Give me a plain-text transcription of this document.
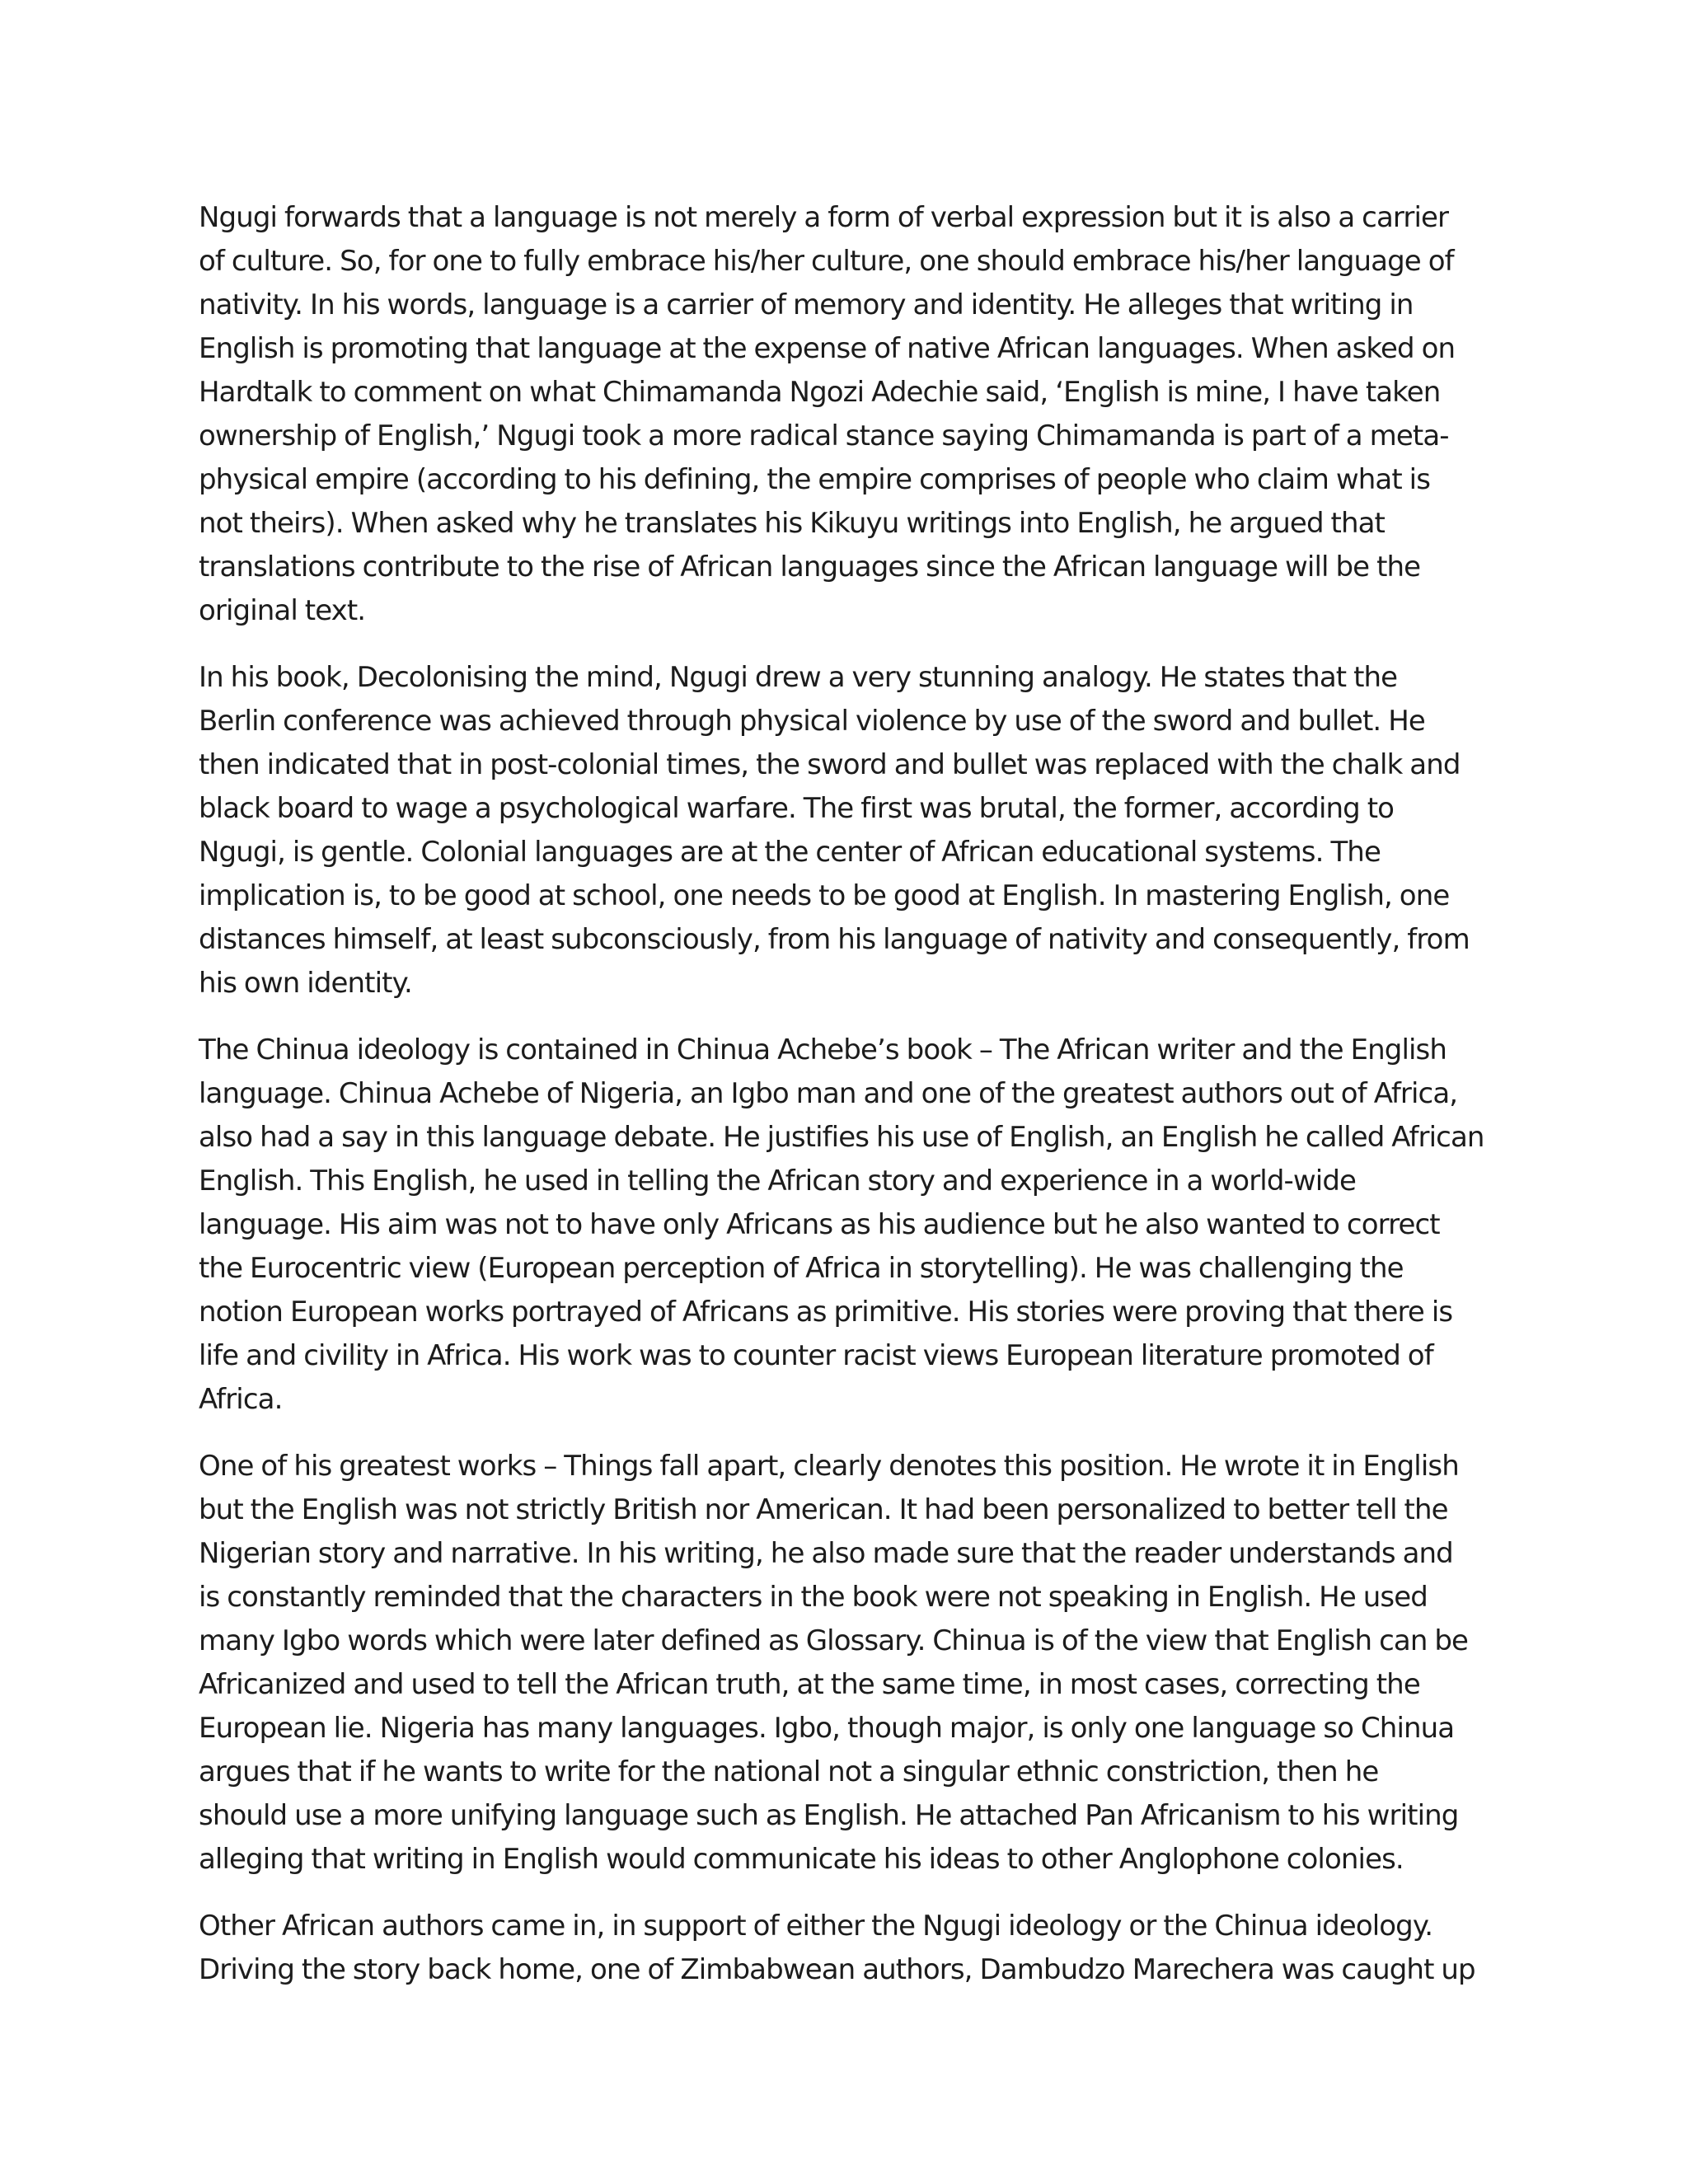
Ngugi forwards that a language is not merely a form of verbal expression but it is also a carrier
of culture. So, for one to fully embrace his/her culture, one should embrace his/her language of
nativity. In his words, language is a carrier of memory and identity. He alleges that writing in
English is promoting that language at the expense of native African languages. When asked on
Hardtalk to comment on what Chimamanda Ngozi Adechie said, ‘English is mine, I have taken
ownership of English,’ Ngugi took a more radical stance saying Chimamanda is part of a meta-
physical empire (according to his defining, the empire comprises of people who claim what is
not theirs). When asked why he translates his Kikuyu writings into English, he argued that
translations contribute to the rise of African languages since the African language will be the
original text.

In his book, Decolonising the mind, Ngugi drew a very stunning analogy. He states that the
Berlin conference was achieved through physical violence by use of the sword and bullet. He
then indicated that in post-colonial times, the sword and bullet was replaced with the chalk and
black board to wage a psychological warfare. The first was brutal, the former, according to
Ngugi, is gentle. Colonial languages are at the center of African educational systems. The
implication is, to be good at school, one needs to be good at English. In mastering English, one
distances himself, at least subconsciously, from his language of nativity and consequently, from
his own identity.

The Chinua ideology is contained in Chinua Achebe’s book – The African writer and the English
language. Chinua Achebe of Nigeria, an Igbo man and one of the greatest authors out of Africa,
also had a say in this language debate. He justifies his use of English, an English he called African
English. This English, he used in telling the African story and experience in a world-wide
language. His aim was not to have only Africans as his audience but he also wanted to correct
the Eurocentric view (European perception of Africa in storytelling). He was challenging the
notion European works portrayed of Africans as primitive. His stories were proving that there is
life and civility in Africa. His work was to counter racist views European literature promoted of
Africa.

One of his greatest works – Things fall apart, clearly denotes this position. He wrote it in English
but the English was not strictly British nor American. It had been personalized to better tell the
Nigerian story and narrative. In his writing, he also made sure that the reader understands and
is constantly reminded that the characters in the book were not speaking in English. He used
many Igbo words which were later defined as Glossary. Chinua is of the view that English can be
Africanized and used to tell the African truth, at the same time, in most cases, correcting the
European lie. Nigeria has many languages. Igbo, though major, is only one language so Chinua
argues that if he wants to write for the national not a singular ethnic constriction, then he
should use a more unifying language such as English. He attached Pan Africanism to his writing
alleging that writing in English would communicate his ideas to other Anglophone colonies.

Other African authors came in, in support of either the Ngugi ideology or the Chinua ideology.
Driving the story back home, one of Zimbabwean authors, Dambudzo Marechera was caught up
